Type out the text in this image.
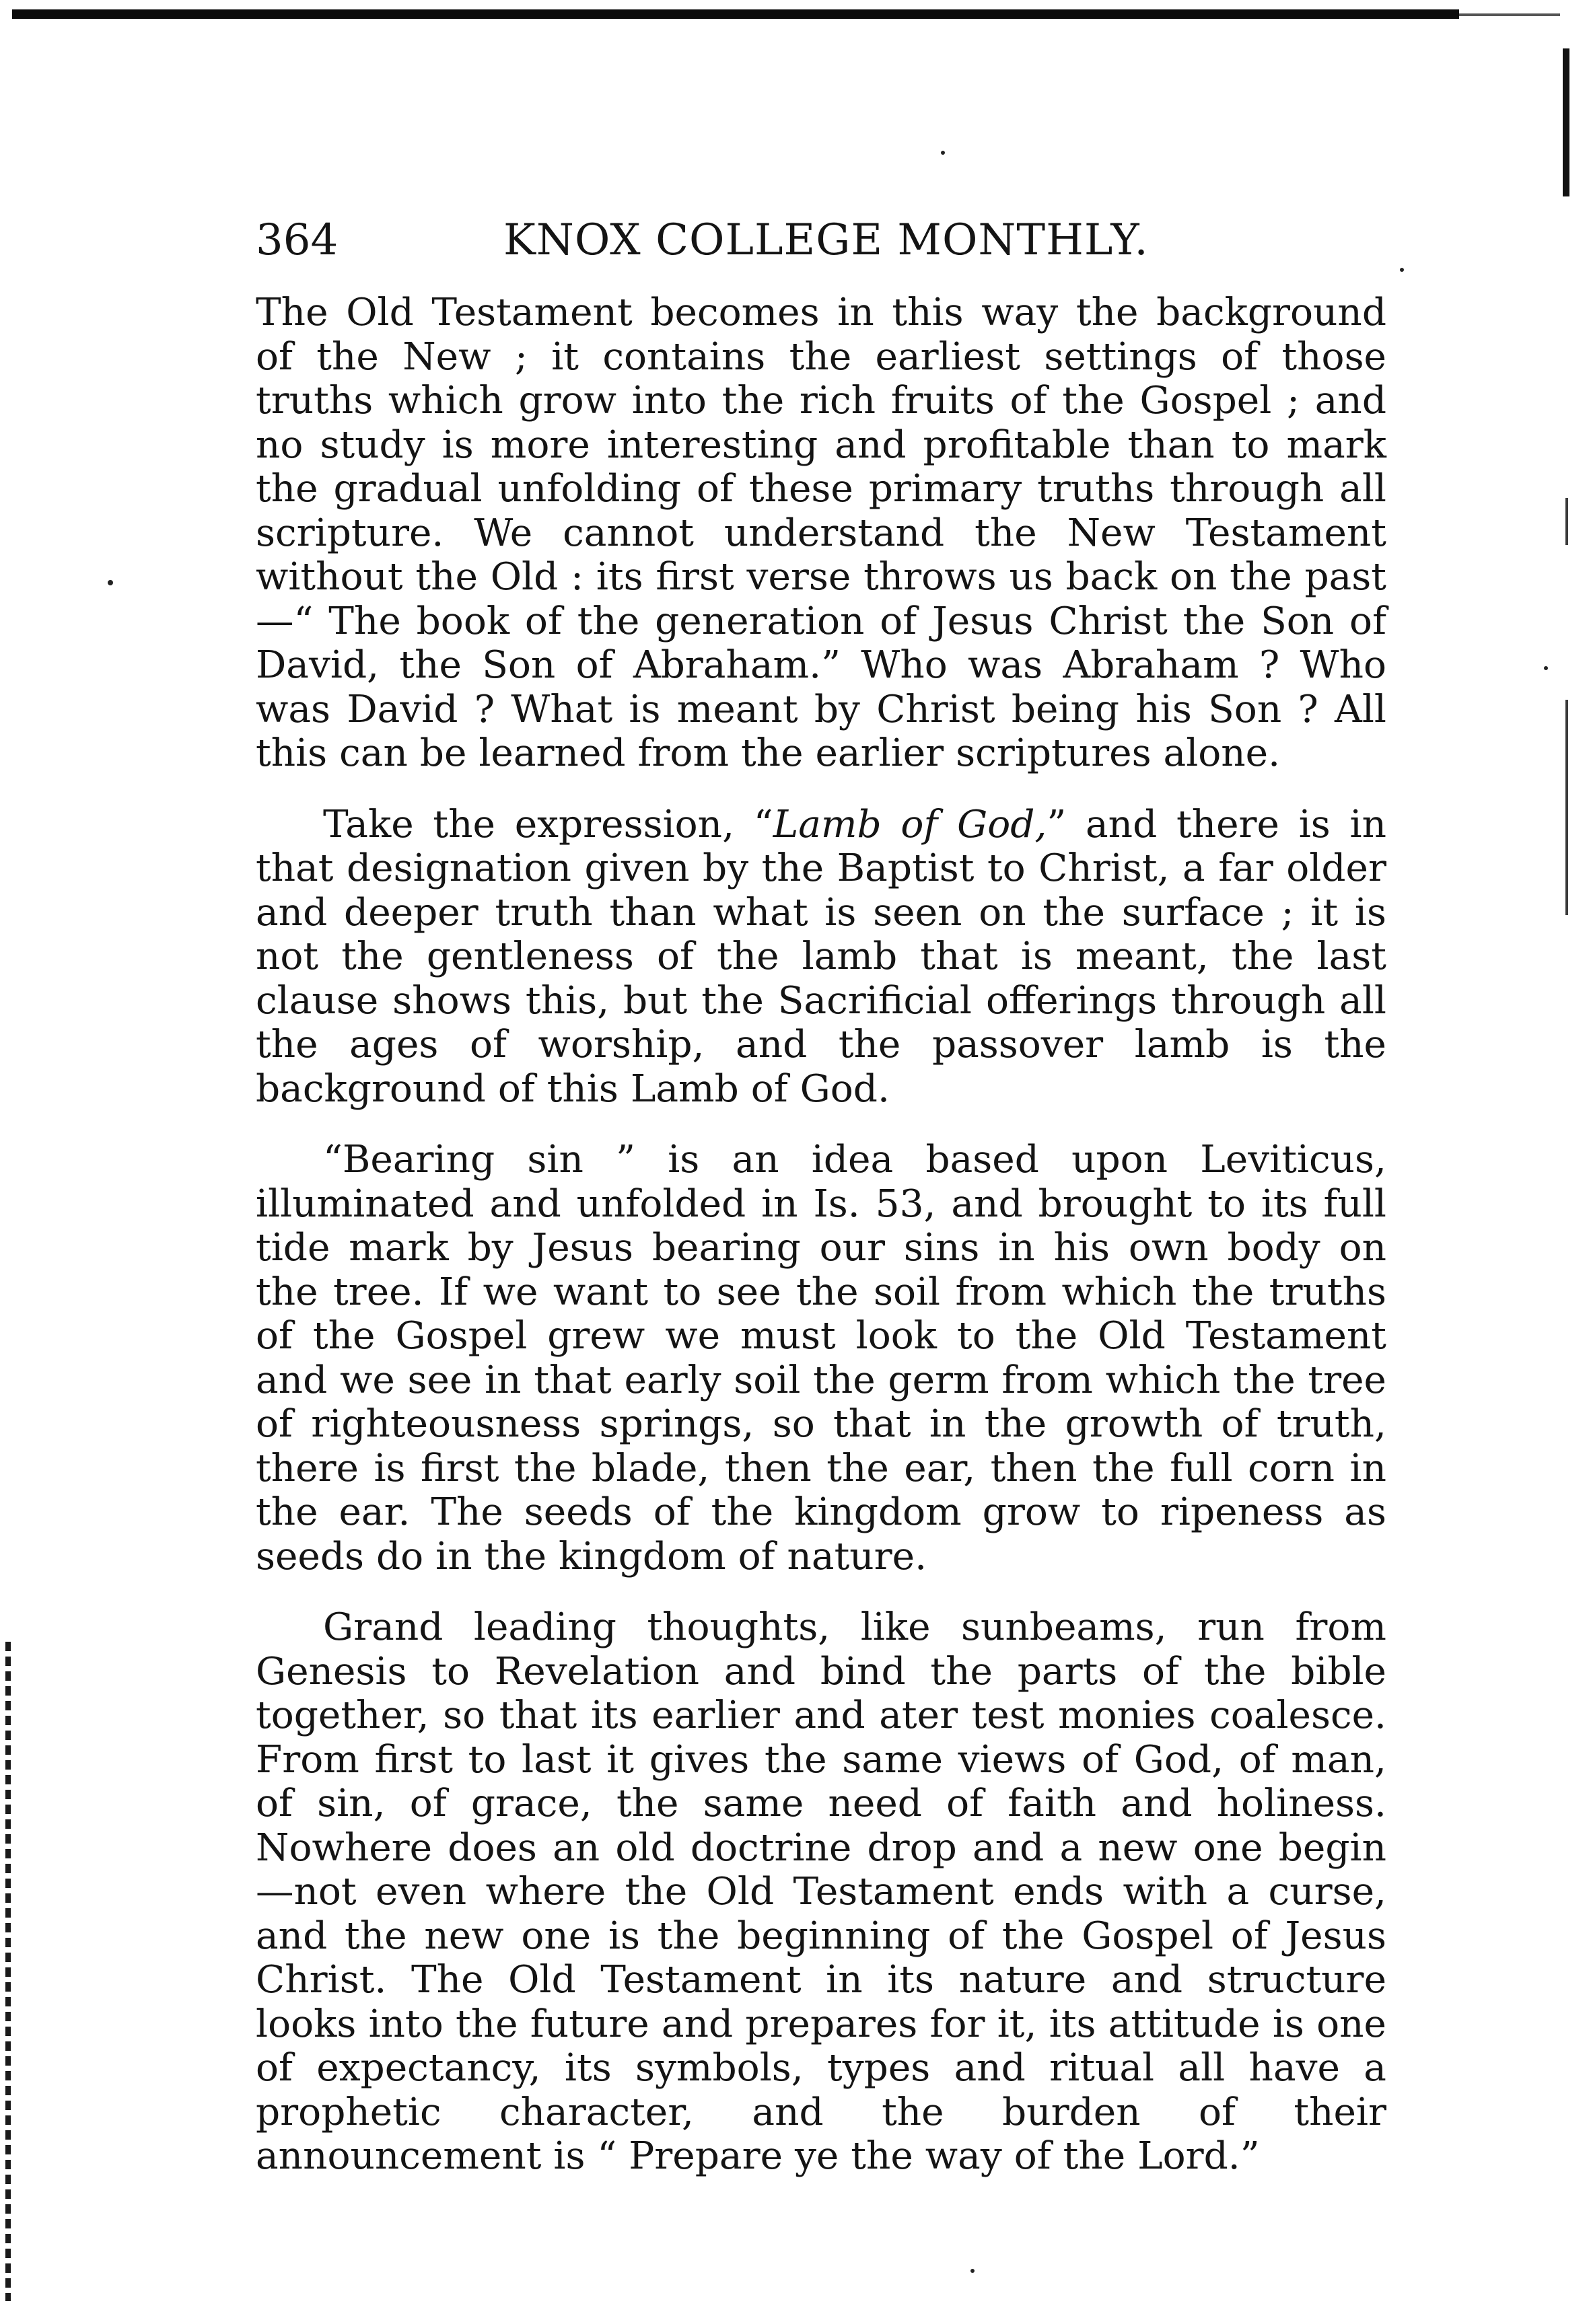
364	KNOX COLLEGE MONTHLY.

The Old Testament becomes in this way the background of the New ; it contains the earliest settings of those truths which grow into the rich fruits of the Gospel ; and no study is more interesting and profitable than to mark the gradual unfolding of these primary truths through all scripture. We cannot understand the New Testament without the Old : its first verse throws us back on the past—“ The book of the generation of Jesus Christ the Son of David, the Son of Abraham.” Who was Abraham ? Who was David ? What is meant by Christ being his Son ? All this can be learned from the earlier scriptures alone.

Take the expression, “Lamb of God,” and there is in that designation given by the Baptist to Christ, a far older and deeper truth than what is seen on the surface ; it is not the gentleness of the lamb that is meant, the last clause shows this, but the Sacrificial offerings through all the ages of worship, and the passover lamb is the background of this Lamb of God.

“Bearing sin ” is an idea based upon Leviticus, illuminated and unfolded in Is. 53, and brought to its full tide mark by Jesus bearing our sins in his own body on the tree. If we want to see the soil from which the truths of the Gospel grew we must look to the Old Testament and we see in that early soil the germ from which the tree of righteousness springs, so that in the growth of truth, there is first the blade, then the ear, then the full corn in the ear. The seeds of the kingdom grow to ripeness as seeds do in the kingdom of nature.

Grand leading thoughts, like sunbeams, run from Genesis to Revelation and bind the parts of the bible together, so that its earlier and ater test monies coalesce. From first to last it gives the same views of God, of man, of sin, of grace, the same need of faith and holiness. Nowhere does an old doctrine drop and a new one begin—not even where the Old Testament ends with a curse, and the new one is the beginning of the Gospel of Jesus Christ. The Old Testament in its nature and structure looks into the future and prepares for it, its attitude is one of expectancy, its symbols, types and ritual all have a prophetic character, and the burden of their announcement is “ Prepare ye the way of the Lord.”
